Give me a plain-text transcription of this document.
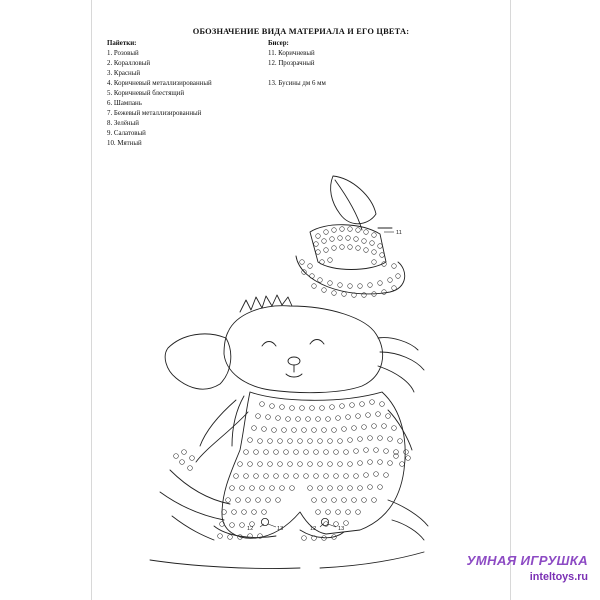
ОБОЗНАЧЕНИЕ ВИДА МАТЕРИАЛА И ЕГО ЦВЕТА:
Пайетки:
1. Розовый
2. Коралловый
3. Красный
4. Коричневый металлизированный
5. Коричневый блестящий
6. Шампань
7. Бежевый металлизированный
8. Зелёный
9. Салатовый
10. Мятный
Бисер:
11. Коричневый
12. Прозрачный
13. Бусины дм 6 мм
11
12	13	12	13
УМНАЯ ИГРУШКА
inteltoys.ru
